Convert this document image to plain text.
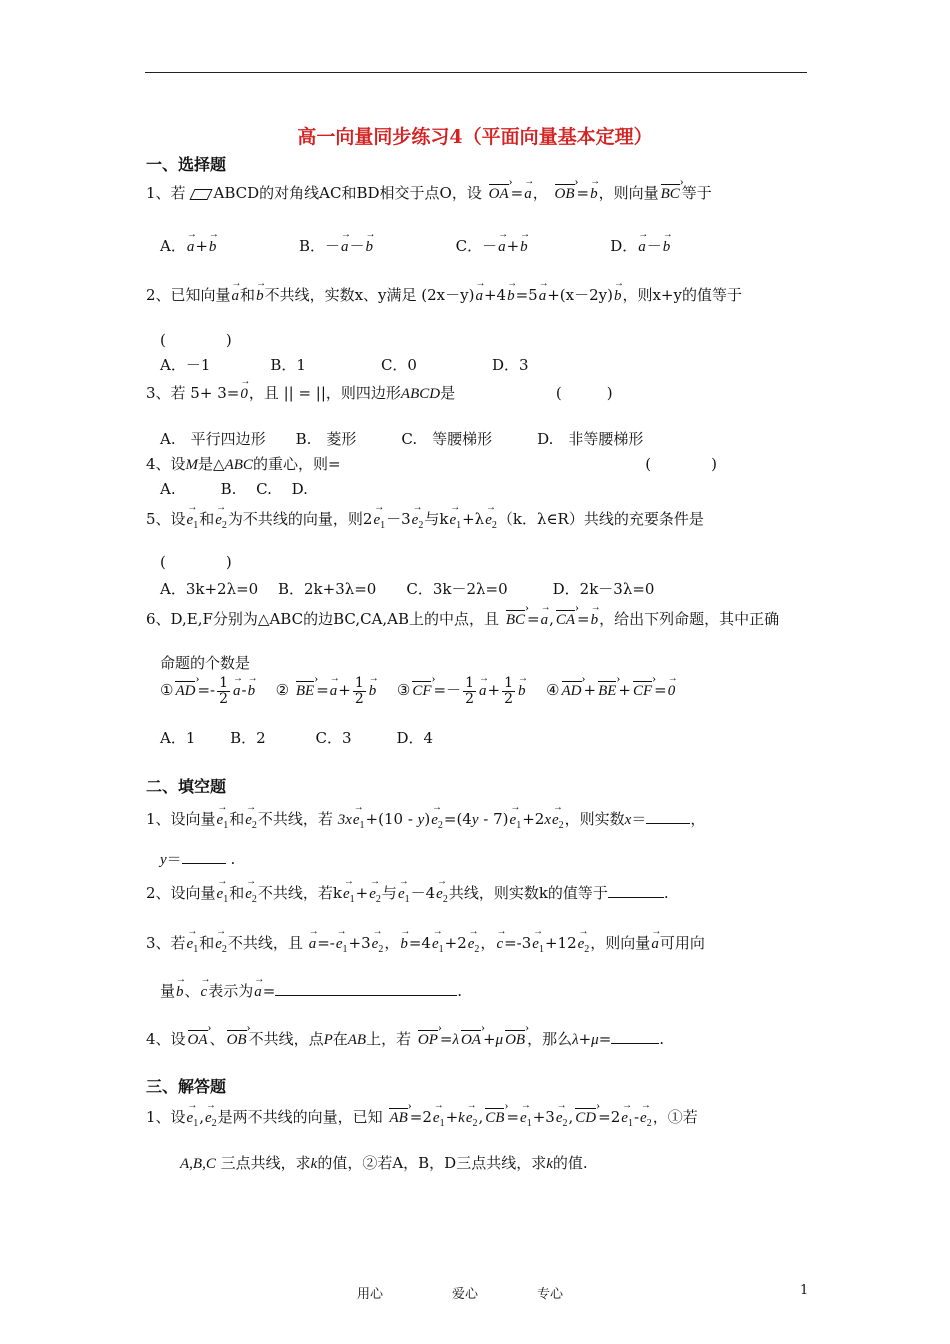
高一向量同步练习4（平面向量基本定理）
一、选择题
1、若 ABCD的对角线AC和BD相交于点O，设 OA › =→ a， OB › =→ b，则向量 BC › 等于
A．→ a+→ b	B．－→ a－→ b	C．－→ a+→ b	D．→ a－→ b
2、已知向量→ a和→ b不共线，实数x、y满足 (2x－y)→ a+4→ b=5→ a+(x－2y)→ b，则x+y的值等于
(　　　　)
A．－1　　　　B．1　　　　　C．0　　　　　D．3
3、若 5+ 3=→ 0，且 || = ||，则四边形ABCD是	(　　　)
A.　平行四边形　　B.　菱形　　　C.　等腰梯形　　　D.　非等腰梯形
4、设M是△ABC的重心，则=	(　　　　)
A.　　　B.　 C.　 D.
5、设→ $e_1$和→ $e_2$为不共线的向量，则$2\to e_1-3\to e_2$与$k\to e_1+\lambda\to e_2(k$．λ∈R）共线的充要条件是
(　　　　)
A．3k+2λ=0　 B．2k+3λ=0　　C．3k－2λ=0　　　D．2k－3λ=0
6、D,E,F分别为△ABC的边BC,CA,AB上的中点，且 BC › =→ a, CA › =→ b，给出下列命题，其中正确
命题的个数是
① AD › =- $\frac{1}{2}$
→ a-→ b ② BE › =→ $a+ \frac{1}{2}$
→ b ③ CF › =－ $\frac{1}{2}$
→ $a+ \frac{1}{2}$
→ b ④ AD › + BE › + CF › =→ 0
A．1　　 B．2　　　 C．3　　　D．4
二、填空题
1、设向量→ $e_1$和→ $e_2$不共线，若 $3x\to e_1+(10 - y)\to e_2=(4y - 7)\to e_1+2x\to e_2$，则实数x＝	，
y＝	.
2、设向量→ $e_1$和→ $e_2$不共线，若$k\to e_1+\to e_2$与→ $e_1-4\to e_2$共线，则实数k的值等于	.
3、若→ $e_1$和→ $e_2$不共线，且 → $a=-\to e_1+3\to e_2$，→ $b=4\to e_1+2\to e_2$，→ $c=-3\to e_1+12\to e_2$，则向量→ a可用向
量→ b、→ c表示为→ a=	.
4、设 OA › 、 OB › 不共线，点P在AB上，若 OP › =λ OA › +μ OB › ，那么λ+μ=	.
三、解答题
1、设→ $e_1,\to e_2$是两不共线的向量，已知 AB › $=2\to e_1+k\to e_2$, CB › =→ $e_1+3\to e_2$, CD › $=2\to e_1-\to e_2$，①若
A,B,C 三点共线，求k的值，②若A，B，D三点共线，求k的值.
用心	爱心	专心	1
